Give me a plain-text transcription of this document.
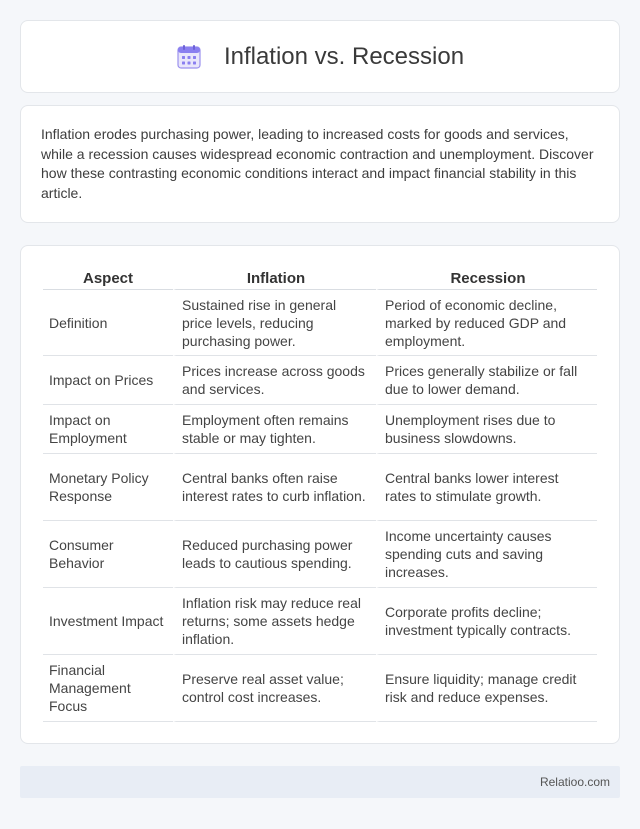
Inflation vs. Recession

Inflation erodes purchasing power, leading to increased costs for goods and services, while a recession causes widespread economic contraction and unemployment. Discover how these contrasting economic conditions interact and impact financial stability in this article.

Aspect	Inflation	Recession
Definition	Sustained rise in general price levels, reducing purchasing power.	Period of economic decline, marked by reduced GDP and employment.
Impact on Prices	Prices increase across goods and services.	Prices generally stabilize or fall due to lower demand.
Impact on Employment	Employment often remains stable or may tighten.	Unemployment rises due to business slowdowns.
Monetary Policy Response	Central banks often raise interest rates to curb inflation.	Central banks lower interest rates to stimulate growth.
Consumer Behavior	Reduced purchasing power leads to cautious spending.	Income uncertainty causes spending cuts and saving increases.
Investment Impact	Inflation risk may reduce real returns; some assets hedge inflation.	Corporate profits decline; investment typically contracts.
Financial Management Focus	Preserve real asset value; control cost increases.	Ensure liquidity; manage credit risk and reduce expenses.
Relatioo.com
